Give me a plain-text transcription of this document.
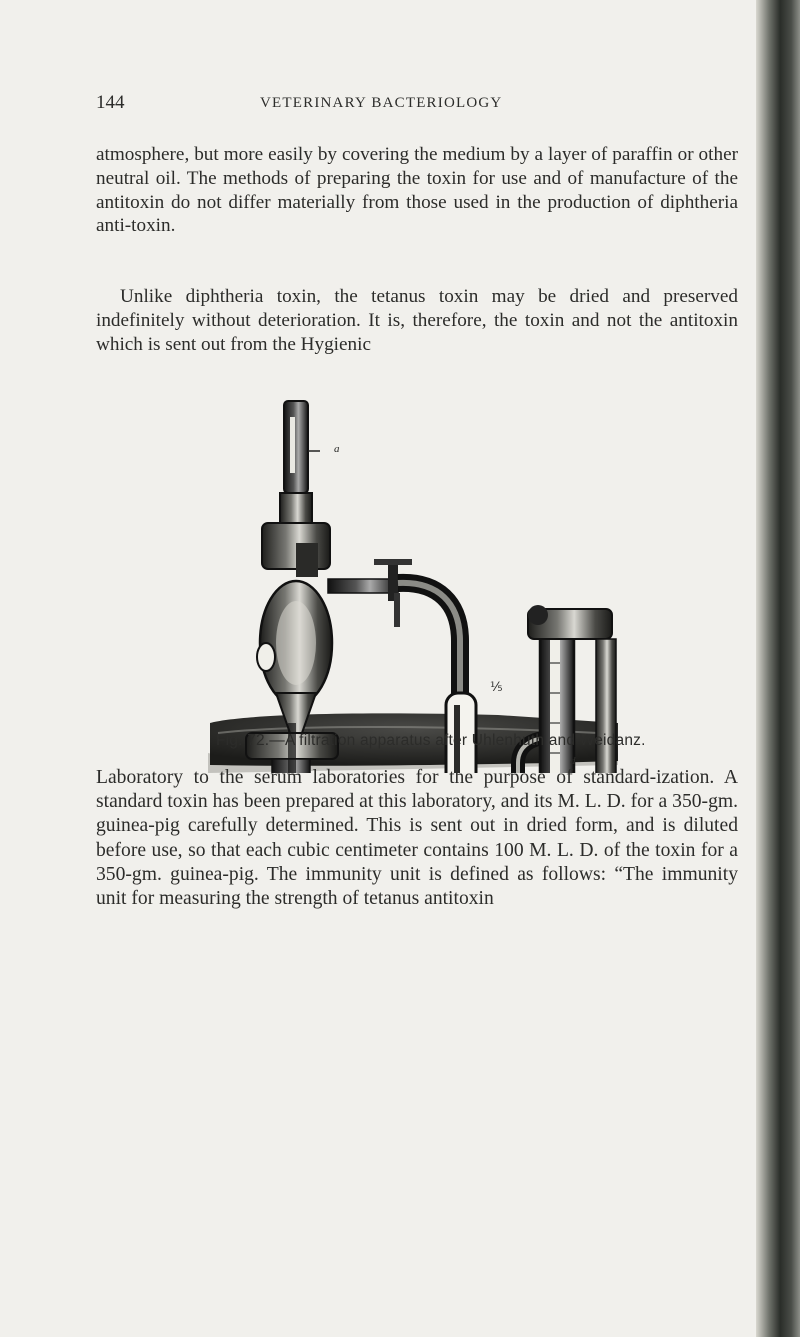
144	VETERINARY BACTERIOLOGY

atmosphere, but more easily by covering the medium by a layer of paraffin or other neutral oil. The methods of preparing the toxin for use and of manufacture of the antitoxin do not differ materially from those used in the production of diphtheria anti-toxin.

Unlike diphtheria toxin, the tetanus toxin may be dried and preserved indefinitely without deterioration. It is, therefore, the toxin and not the antitoxin which is sent out from the Hygienic

a
⅕
d
Fig. 72.—A filtration apparatus after Uhlenhuth and Weidanz.

Laboratory to the serum laboratories for the purpose of standard-ization. A standard toxin has been prepared at this laboratory, and its M. L. D. for a 350-gm. guinea-pig carefully determined. This is sent out in dried form, and is diluted before use, so that each cubic centimeter contains 100 M. L. D. of the toxin for a 350-gm. guinea-pig. The immunity unit is defined as follows: “The immunity unit for measuring the strength of tetanus antitoxin
